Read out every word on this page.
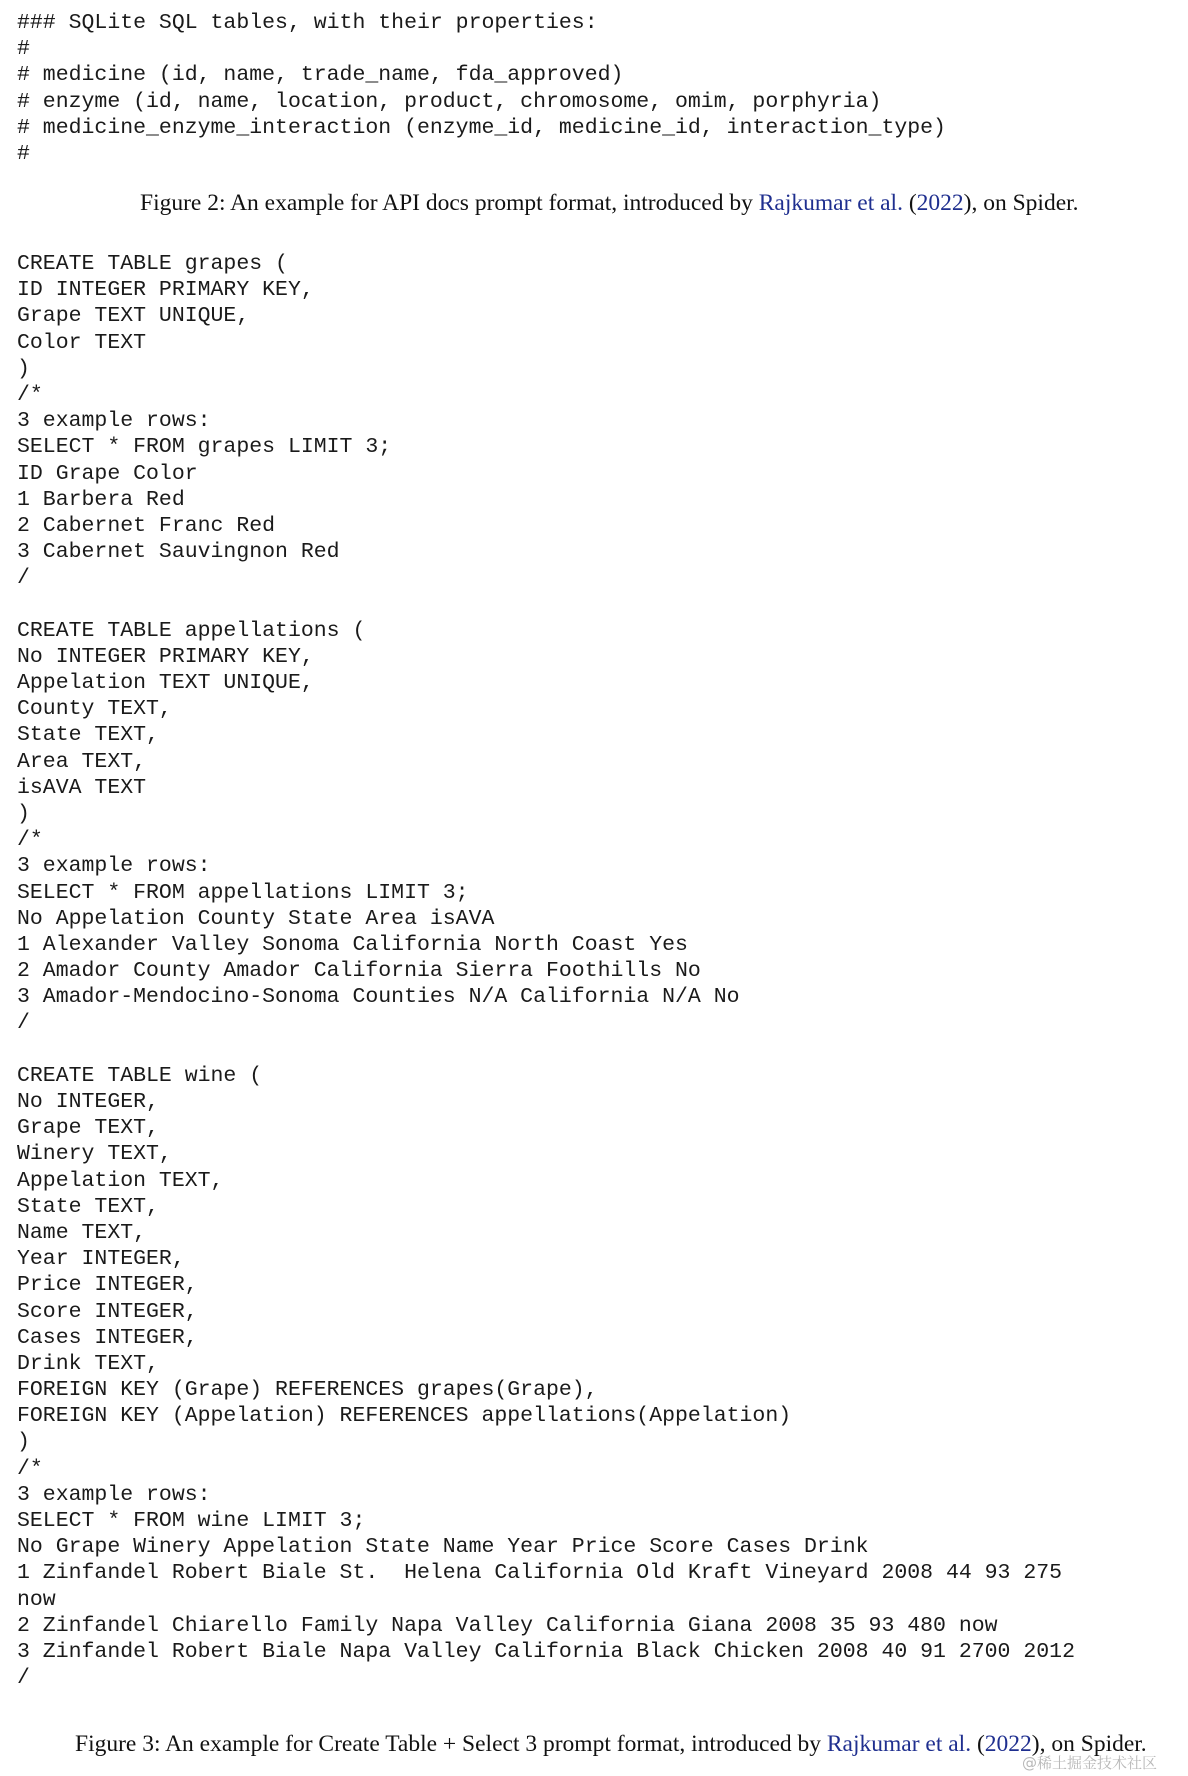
### SQLite SQL tables, with their properties:
#
# medicine (id, name, trade_name, fda_approved)
# enzyme (id, name, location, product, chromosome, omim, porphyria)
# medicine_enzyme_interaction (enzyme_id, medicine_id, interaction_type)
#
Figure 2: An example for API docs prompt format, introduced by Rajkumar et al. (2022), on Spider.
CREATE TABLE grapes (
ID INTEGER PRIMARY KEY,
Grape TEXT UNIQUE,
Color TEXT
)
/*
3 example rows:
SELECT * FROM grapes LIMIT 3;
ID Grape Color
1 Barbera Red
2 Cabernet Franc Red
3 Cabernet Sauvingnon Red
/
CREATE TABLE appellations (
No INTEGER PRIMARY KEY,
Appelation TEXT UNIQUE,
County TEXT,
State TEXT,
Area TEXT,
isAVA TEXT
)
/*
3 example rows:
SELECT * FROM appellations LIMIT 3;
No Appelation County State Area isAVA
1 Alexander Valley Sonoma California North Coast Yes
2 Amador County Amador California Sierra Foothills No
3 Amador-Mendocino-Sonoma Counties N/A California N/A No
/
CREATE TABLE wine (
No INTEGER,
Grape TEXT,
Winery TEXT,
Appelation TEXT,
State TEXT,
Name TEXT,
Year INTEGER,
Price INTEGER,
Score INTEGER,
Cases INTEGER,
Drink TEXT,
FOREIGN KEY (Grape) REFERENCES grapes(Grape),
FOREIGN KEY (Appelation) REFERENCES appellations(Appelation)
)
/*
3 example rows:
SELECT * FROM wine LIMIT 3;
No Grape Winery Appelation State Name Year Price Score Cases Drink
1 Zinfandel Robert Biale St.  Helena California Old Kraft Vineyard 2008 44 93 275
now
2 Zinfandel Chiarello Family Napa Valley California Giana 2008 35 93 480 now
3 Zinfandel Robert Biale Napa Valley California Black Chicken 2008 40 91 2700 2012
/
Figure 3: An example for Create Table + Select 3 prompt format, introduced by Rajkumar et al. (2022), on Spider.
@稀土掘金技术社区
